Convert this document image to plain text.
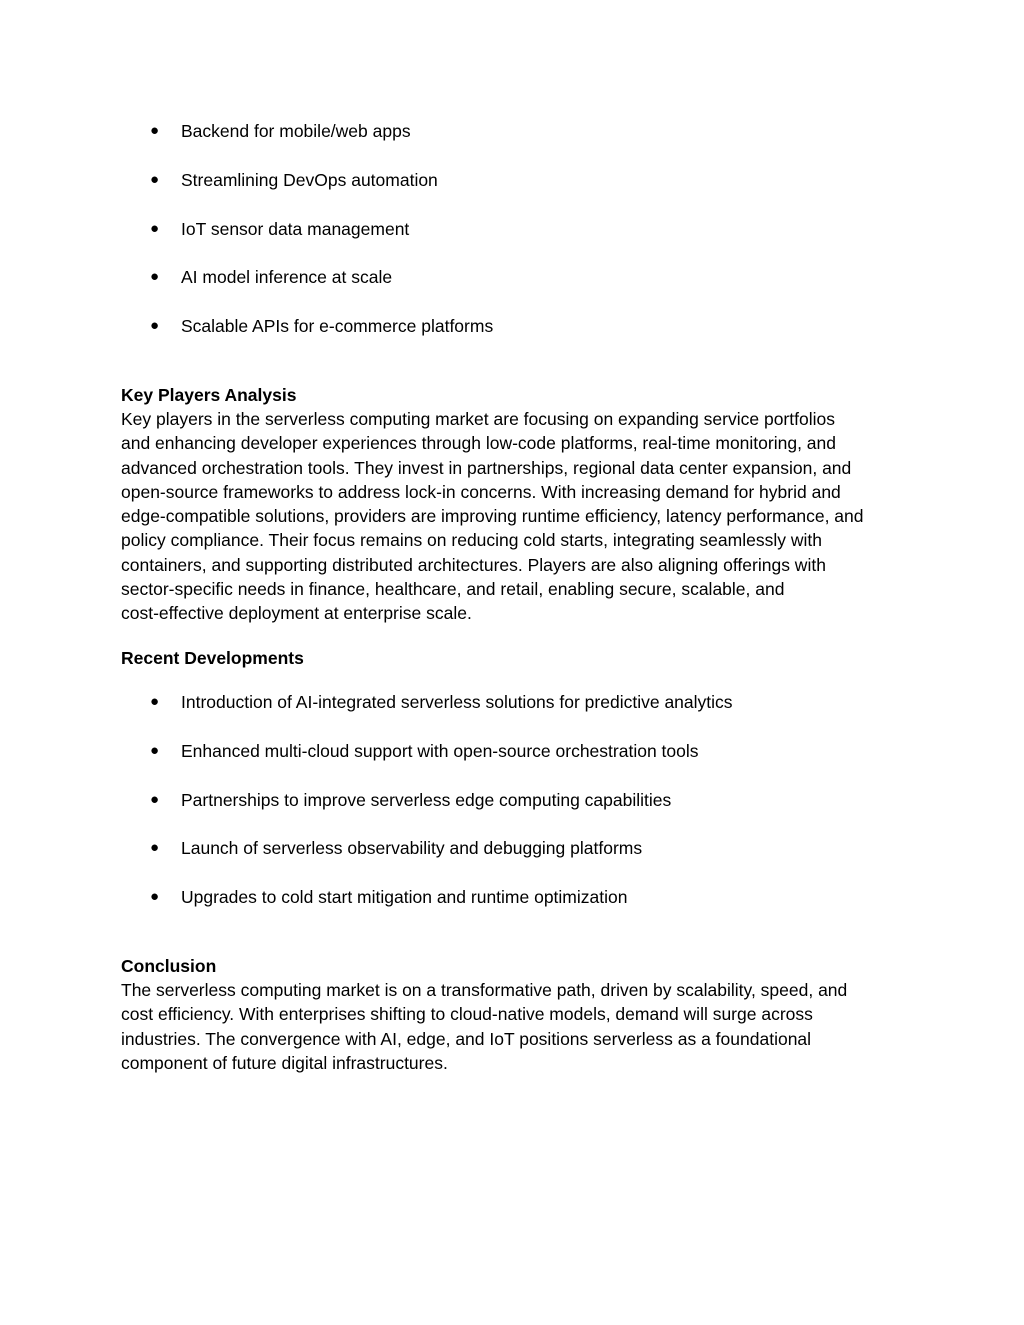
● Backend for mobile/web apps
● Streamlining DevOps automation
● IoT sensor data management
● AI model inference at scale
● Scalable APIs for e-commerce platforms
Key Players Analysis
Key players in the serverless computing market are focusing on expanding service portfolios
and enhancing developer experiences through low-code platforms, real-time monitoring, and
advanced orchestration tools. They invest in partnerships, regional data center expansion, and
open-source frameworks to address lock-in concerns. With increasing demand for hybrid and
edge-compatible solutions, providers are improving runtime efficiency, latency performance, and
policy compliance. Their focus remains on reducing cold starts, integrating seamlessly with
containers, and supporting distributed architectures. Players are also aligning offerings with
sector-specific needs in finance, healthcare, and retail, enabling secure, scalable, and
cost-effective deployment at enterprise scale.
Recent Developments
● Introduction of AI-integrated serverless solutions for predictive analytics
● Enhanced multi-cloud support with open-source orchestration tools
● Partnerships to improve serverless edge computing capabilities
● Launch of serverless observability and debugging platforms
● Upgrades to cold start mitigation and runtime optimization
Conclusion
The serverless computing market is on a transformative path, driven by scalability, speed, and
cost efficiency. With enterprises shifting to cloud-native models, demand will surge across
industries. The convergence with AI, edge, and IoT positions serverless as a foundational
component of future digital infrastructures.
